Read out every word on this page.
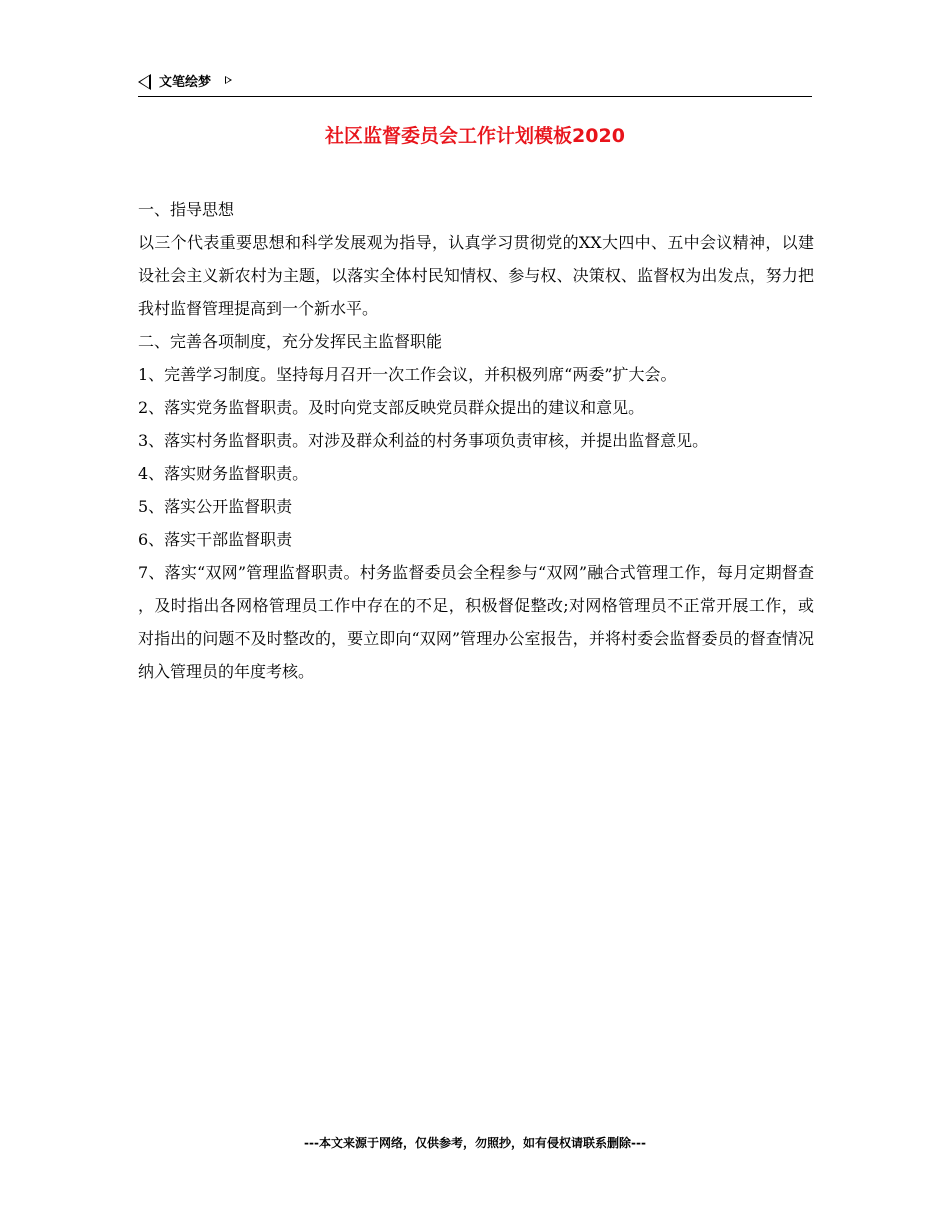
文笔绘梦
社区监督委员会工作计划模板2020

一、指导思想

以三个代表重要思想和科学发展观为指导，认真学习贯彻党的XX大四中、五中会议精神，以建设社会主义新农村为主题，以落实全体村民知情权、参与权、决策权、监督权为出发点，努力把我村监督管理提高到一个新水平。

二、完善各项制度，充分发挥民主监督职能

1、完善学习制度。坚持每月召开一次工作会议，并积极列席“两委”扩大会。

2、落实党务监督职责。及时向党支部反映党员群众提出的建议和意见。

3、落实村务监督职责。对涉及群众利益的村务事项负责审核，并提出监督意见。

4、落实财务监督职责。

5、落实公开监督职责

6、落实干部监督职责

7、落实“双网”管理监督职责。村务监督委员会全程参与“双网”融合式管理工作，每月定期督查，及时指出各网格管理员工作中存在的不足，积极督促整改;对网格管理员不正常开展工作，或对指出的问题不及时整改的，要立即向“双网”管理办公室报告，并将村委会监督委员的督查情况纳入管理员的年度考核。

---本文来源于网络，仅供参考，勿照抄，如有侵权请联系删除---
